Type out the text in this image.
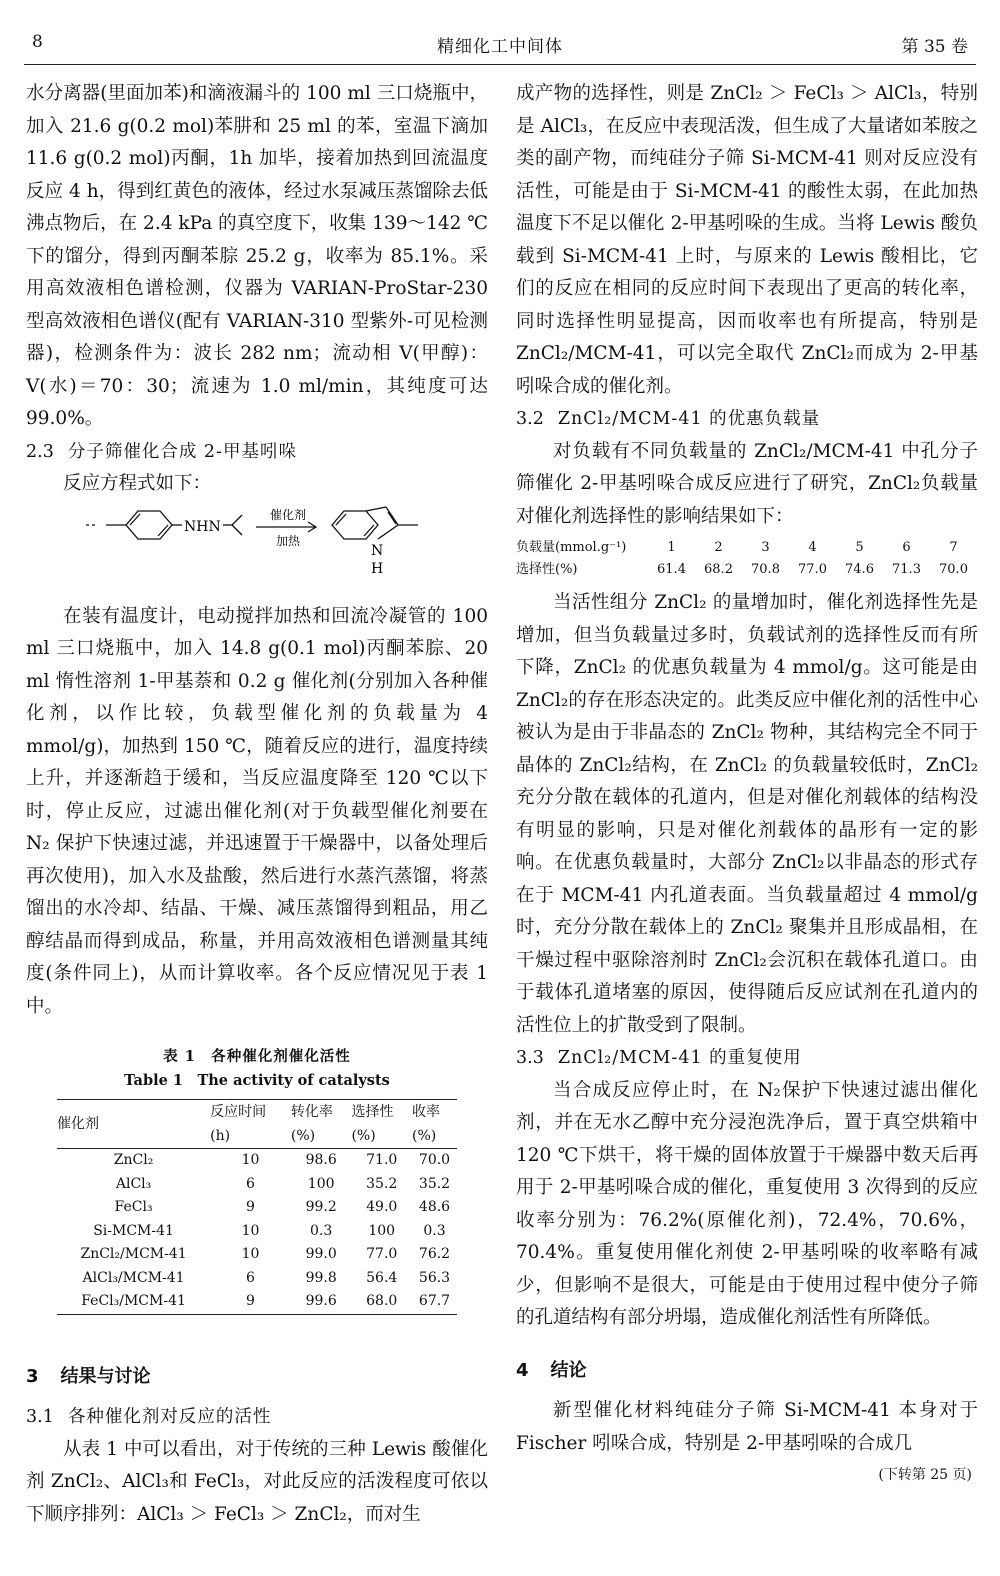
8	精细化工中间体	第 35 卷

水分离器(里面加苯)和滴液漏斗的 100 ml 三口烧瓶中，加入 21.6 g(0.2 mol)苯肼和 25 ml 的苯，室温下滴加 11.6 g(0.2 mol)丙酮，1h 加毕，接着加热到回流温度反应 4 h，得到红黄色的液体，经过水泵减压蒸馏除去低沸点物后，在 2.4 kPa 的真空度下，收集 139～142 ℃下的馏分，得到丙酮苯腙 25.2 g，收率为 85.1%。采用高效液相色谱检测，仪器为 VARIAN-ProStar-230 型高效液相色谱仪(配有 VARIAN-310 型紫外-可见检测器)，检测条件为：波长 282 nm；流动相 V(甲醇)：V(水)＝70：30；流速为 1.0 ml/min，其纯度可达 99.0%。

2.3 分子筛催化合成 2-甲基吲哚

反应方程式如下：

NHN
催化剂
加热
N
H

在装有温度计，电动搅拌加热和回流冷凝管的 100 ml 三口烧瓶中，加入 14.8 g(0.1 mol)丙酮苯腙、20 ml 惰性溶剂 1-甲基萘和 0.2 g 催化剂(分别加入各种催化剂，以作比较，负载型催化剂的负载量为 4 mmol/g)，加热到 150 ℃，随着反应的进行，温度持续上升，并逐渐趋于缓和，当反应温度降至 120 ℃以下时，停止反应，过滤出催化剂(对于负载型催化剂要在 N₂ 保护下快速过滤，并迅速置于干燥器中，以备处理后再次使用)，加入水及盐酸，然后进行水蒸汽蒸馏，将蒸馏出的水冷却、结晶、干燥、减压蒸馏得到粗品，用乙醇结晶而得到成品，称量，并用高效液相色谱测量其纯度(条件同上)，从而计算收率。各个反应情况见于表 1 中。

表 1　各种催化剂催化活性

Table 1　The activity of catalysts

催化剂	反应时间	转化率	选择性	收率
	(h)	(%)	(%)	(%)
ZnCl₂	10	98.6	71.0	70.0
AlCl₃	6	100	35.2	35.2
FeCl₃	9	99.2	49.0	48.6
Si-MCM-41	10	0.3	100	0.3
ZnCl₂/MCM-41	10	99.0	77.0	76.2
AlCl₃/MCM-41	6	99.8	56.4	56.3
FeCl₃/MCM-41	9	99.6	68.0	67.7

3 结果与讨论

3.1 各种催化剂对反应的活性

从表 1 中可以看出，对于传统的三种 Lewis 酸催化剂 ZnCl₂、AlCl₃和 FeCl₃，对此反应的活泼程度可依以下顺序排列：AlCl₃ ＞ FeCl₃ ＞ ZnCl₂，而对生

成产物的选择性，则是 ZnCl₂ ＞ FeCl₃ ＞ AlCl₃，特别是 AlCl₃，在反应中表现活泼，但生成了大量诸如苯胺之类的副产物，而纯硅分子筛 Si-MCM-41 则对反应没有活性，可能是由于 Si-MCM-41 的酸性太弱，在此加热温度下不足以催化 2-甲基吲哚的生成。当将 Lewis 酸负载到 Si-MCM-41 上时，与原来的 Lewis 酸相比，它们的反应在相同的反应时间下表现出了更高的转化率，同时选择性明显提高，因而收率也有所提高，特别是 ZnCl₂/MCM-41，可以完全取代 ZnCl₂而成为 2-甲基吲哚合成的催化剂。

3.2 ZnCl₂/MCM-41 的优惠负载量

对负载有不同负载量的 ZnCl₂/MCM-41 中孔分子筛催化 2-甲基吲哚合成反应进行了研究，ZnCl₂负载量对催化剂选择性的影响结果如下：

负载量(mmol.g⁻¹)	1	2	3	4	5	6	7
选择性(%)	61.4	68.2	70.8	77.0	74.6	71.3	70.0

当活性组分 ZnCl₂ 的量增加时，催化剂选择性先是增加，但当负载量过多时，负载试剂的选择性反而有所下降，ZnCl₂ 的优惠负载量为 4 mmol/g。这可能是由 ZnCl₂的存在形态决定的。此类反应中催化剂的活性中心被认为是由于非晶态的 ZnCl₂ 物种，其结构完全不同于晶体的 ZnCl₂结构，在 ZnCl₂ 的负载量较低时，ZnCl₂充分分散在载体的孔道内，但是对催化剂载体的结构没有明显的影响，只是对催化剂载体的晶形有一定的影响。在优惠负载量时，大部分 ZnCl₂以非晶态的形式存在于 MCM-41 内孔道表面。当负载量超过 4 mmol/g 时，充分分散在载体上的 ZnCl₂ 聚集并且形成晶相，在干燥过程中驱除溶剂时 ZnCl₂会沉积在载体孔道口。由于载体孔道堵塞的原因，使得随后反应试剂在孔道内的活性位上的扩散受到了限制。

3.3 ZnCl₂/MCM-41 的重复使用

当合成反应停止时，在 N₂保护下快速过滤出催化剂，并在无水乙醇中充分浸泡洗净后，置于真空烘箱中 120 ℃下烘干，将干燥的固体放置于干燥器中数天后再用于 2-甲基吲哚合成的催化，重复使用 3 次得到的反应收率分别为：76.2%(原催化剂)，72.4%，70.6%，70.4%。重复使用催化剂使 2-甲基吲哚的收率略有减少，但影响不是很大，可能是由于使用过程中使分子筛的孔道结构有部分坍塌，造成催化剂活性有所降低。

4 结论

新型催化材料纯硅分子筛 Si-MCM-41 本身对于 Fischer 吲哚合成，特别是 2-甲基吲哚的合成几

(下转第 25 页)
